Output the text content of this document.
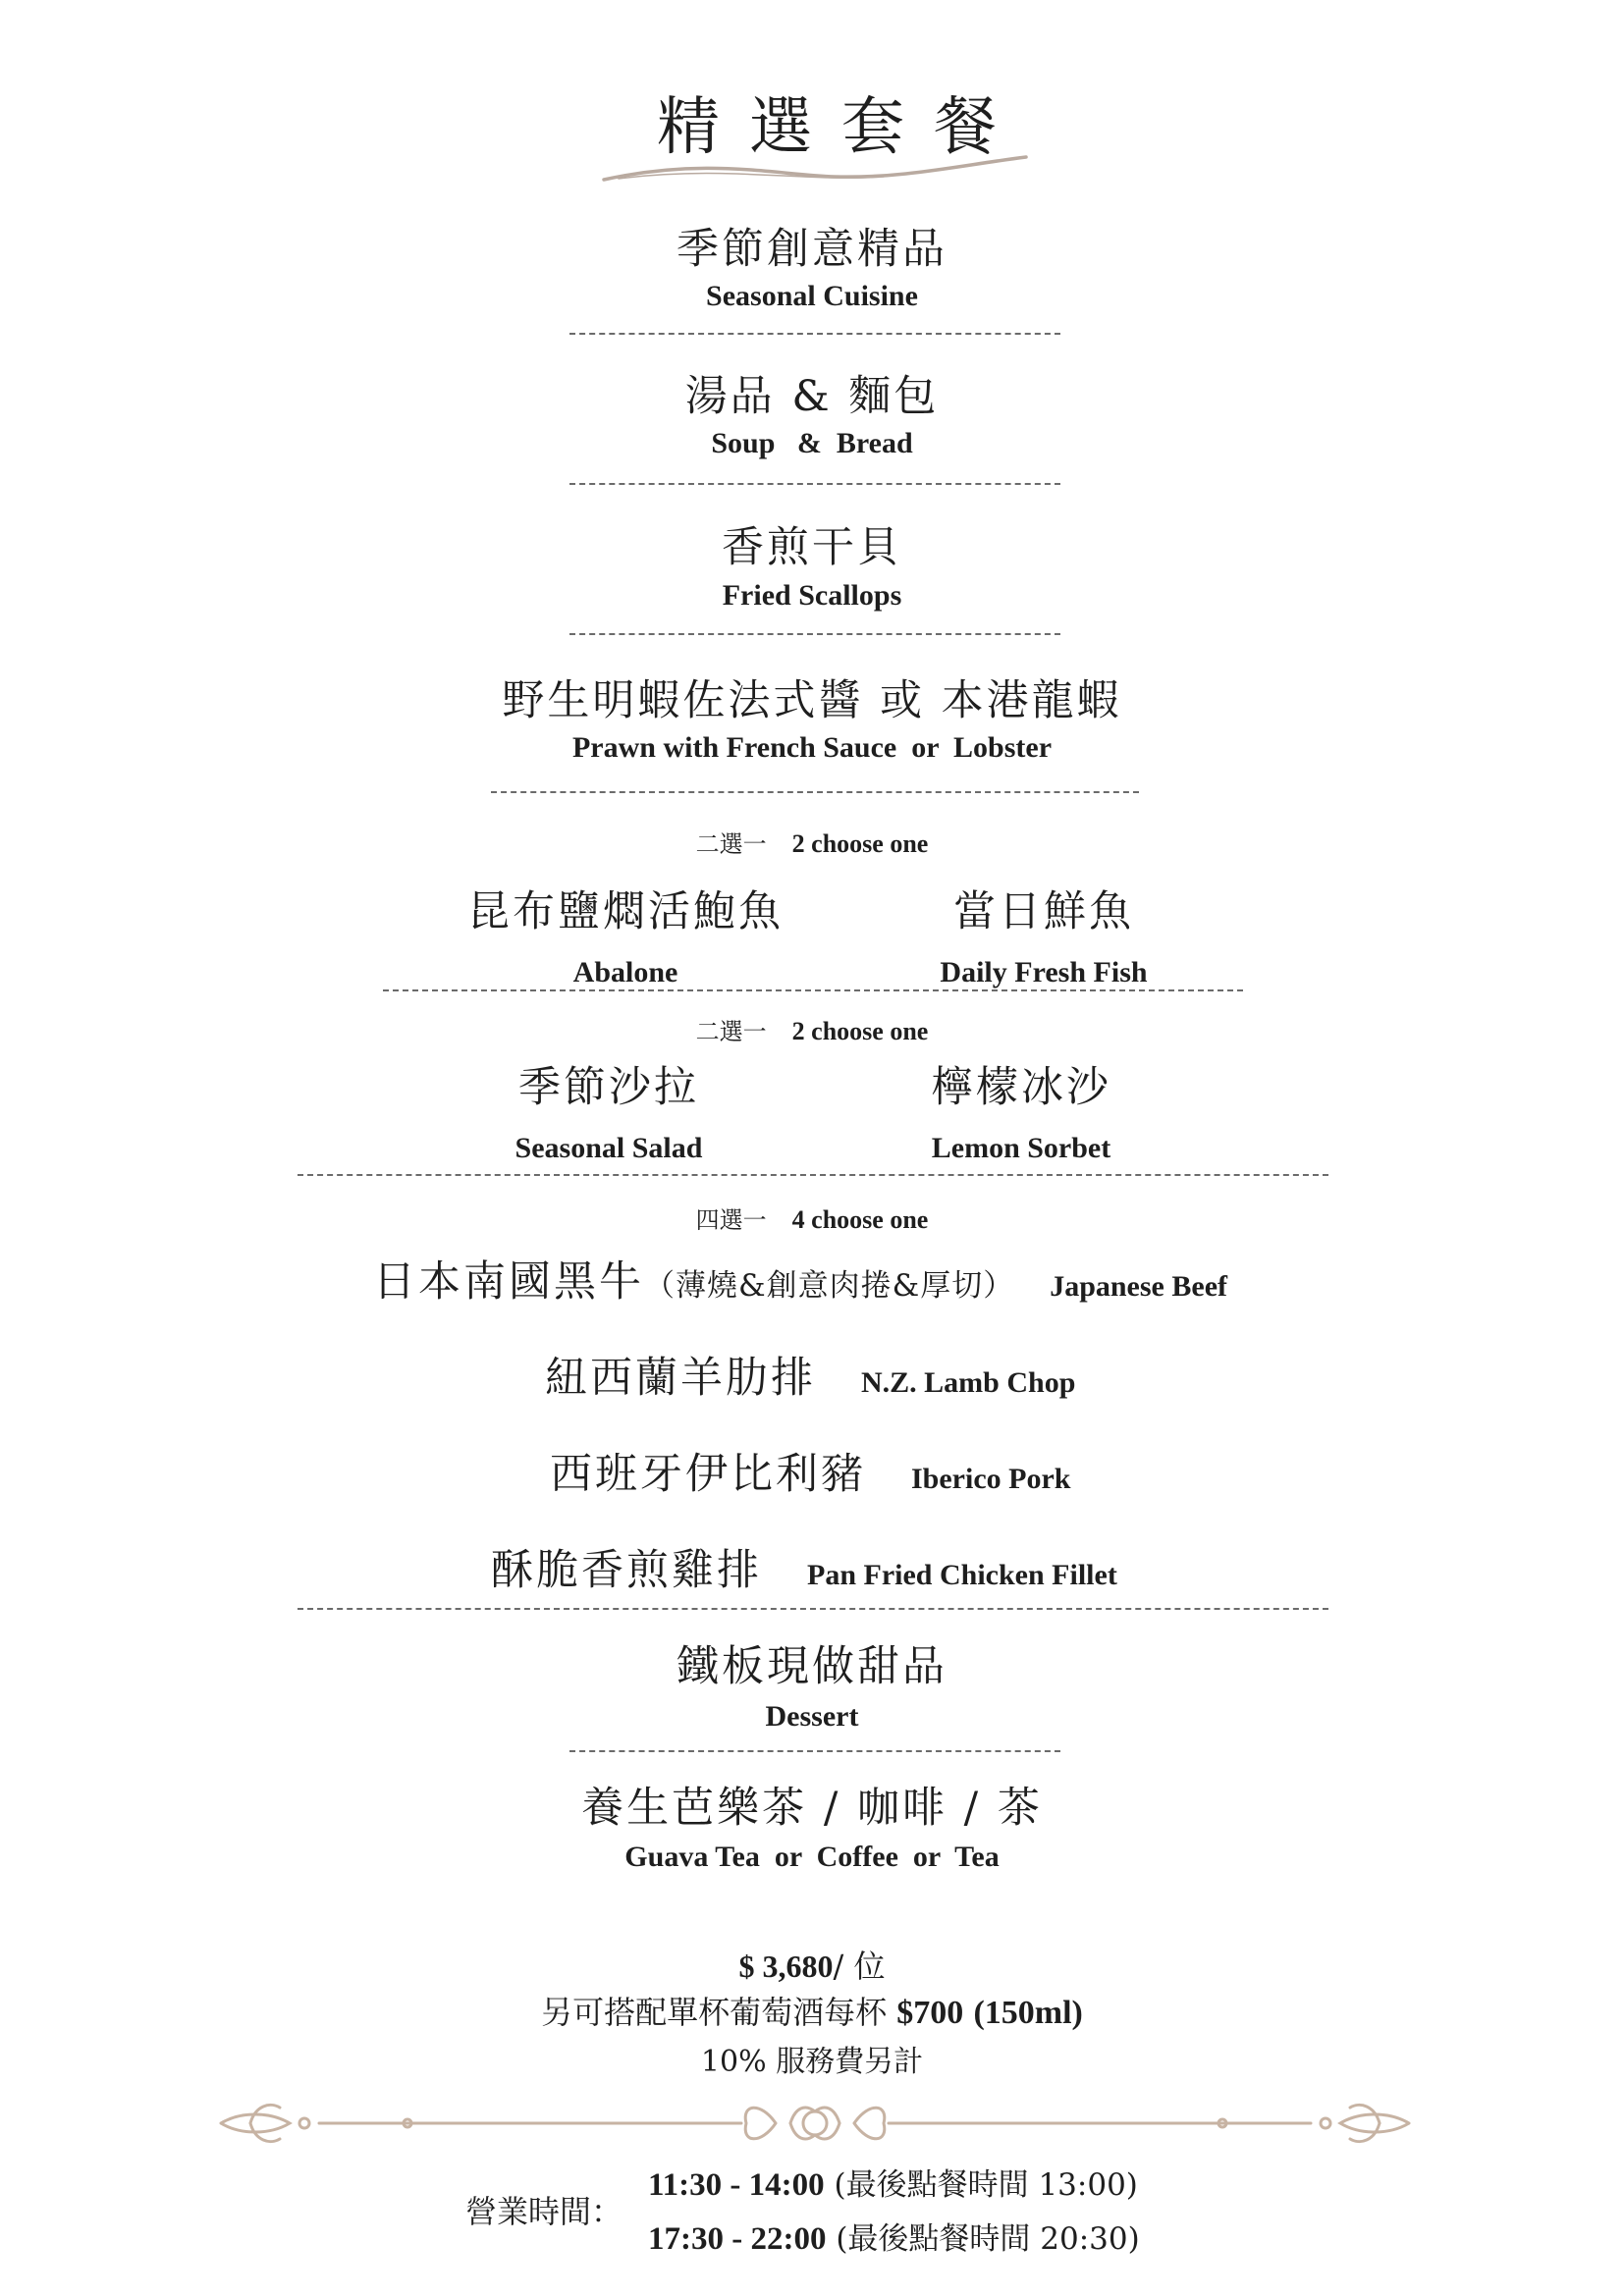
精選套餐
季節創意精品
Seasonal Cuisine
湯品 & 麵包
Soup   &  Bread
香煎干貝
Fried Scallops
野生明蝦佐法式醬 或 本港龍蝦
Prawn with French Sauce  or  Lobster
二選一 2 choose one
昆布鹽燜活鮑魚
Abalone
當日鮮魚
Daily Fresh Fish
二選一 2 choose one
季節沙拉
Seasonal Salad
檸檬冰沙
Lemon Sorbet
四選一 4 choose one
日本南國黑牛（薄燒&創意肉捲&厚切） Japanese Beef
紐西蘭羊肋排 N.Z. Lamb Chop
西班牙伊比利豬 Iberico Pork
酥脆香煎雞排 Pan Fried Chicken Fillet
鐵板現做甜品
Dessert
養生芭樂茶 / 咖啡 / 茶
Guava Tea  or  Coffee  or  Tea
$ 3,680/ 位
另可搭配單杯葡萄酒每杯 $700 (150ml)
10% 服務費另計
營業時間：
11:30 - 14:00 (最後點餐時間 13:00)
17:30 - 22:00 (最後點餐時間 20:30)
